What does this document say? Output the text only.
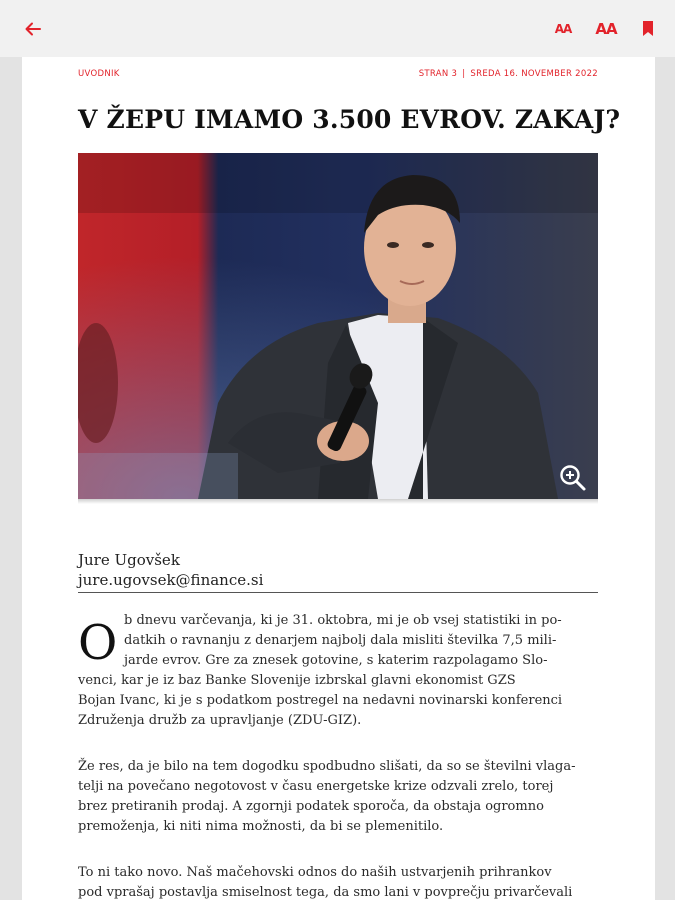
AA AA
UVODNIK	STRAN 3 | SREDA 16. NOVEMBER 2022
V ŽEPU IMAMO 3.500 EVROV. ZAKAJ?
Jure Ugovšek
jure.ugovsek@finance.si
O b dnevu varčevanja, ki je 31. oktobra, mi je ob vsej statistiki in po-
datkih o ravnanju z denarjem najbolj dala misliti številka 7,5 mili-
jarde evrov. Gre za znesek gotovine, s katerim razpolagamo Slo-
venci, kar je iz baz Banke Slovenije izbrskal glavni ekonomist GZS
Bojan Ivanc, ki je s podatkom postregel na nedavni novinarski konferenci
Združenja družb za upravljanje (ZDU-GIZ).
Že res, da je bilo na tem dogodku spodbudno slišati, da so se številni vlaga-
telji na povečano negotovost v času energetske krize odzvali zrelo, torej
brez pretiranih prodaj. A zgornji podatek sporoča, da obstaja ogromno
premoženja, ki niti nima možnosti, da bi se plemenitilo.
To ni tako novo. Naš mačehovski odnos do naših ustvarjenih prihrankov
pod vprašaj postavlja smiselnost tega, da smo lani v povprečju privarčevali
